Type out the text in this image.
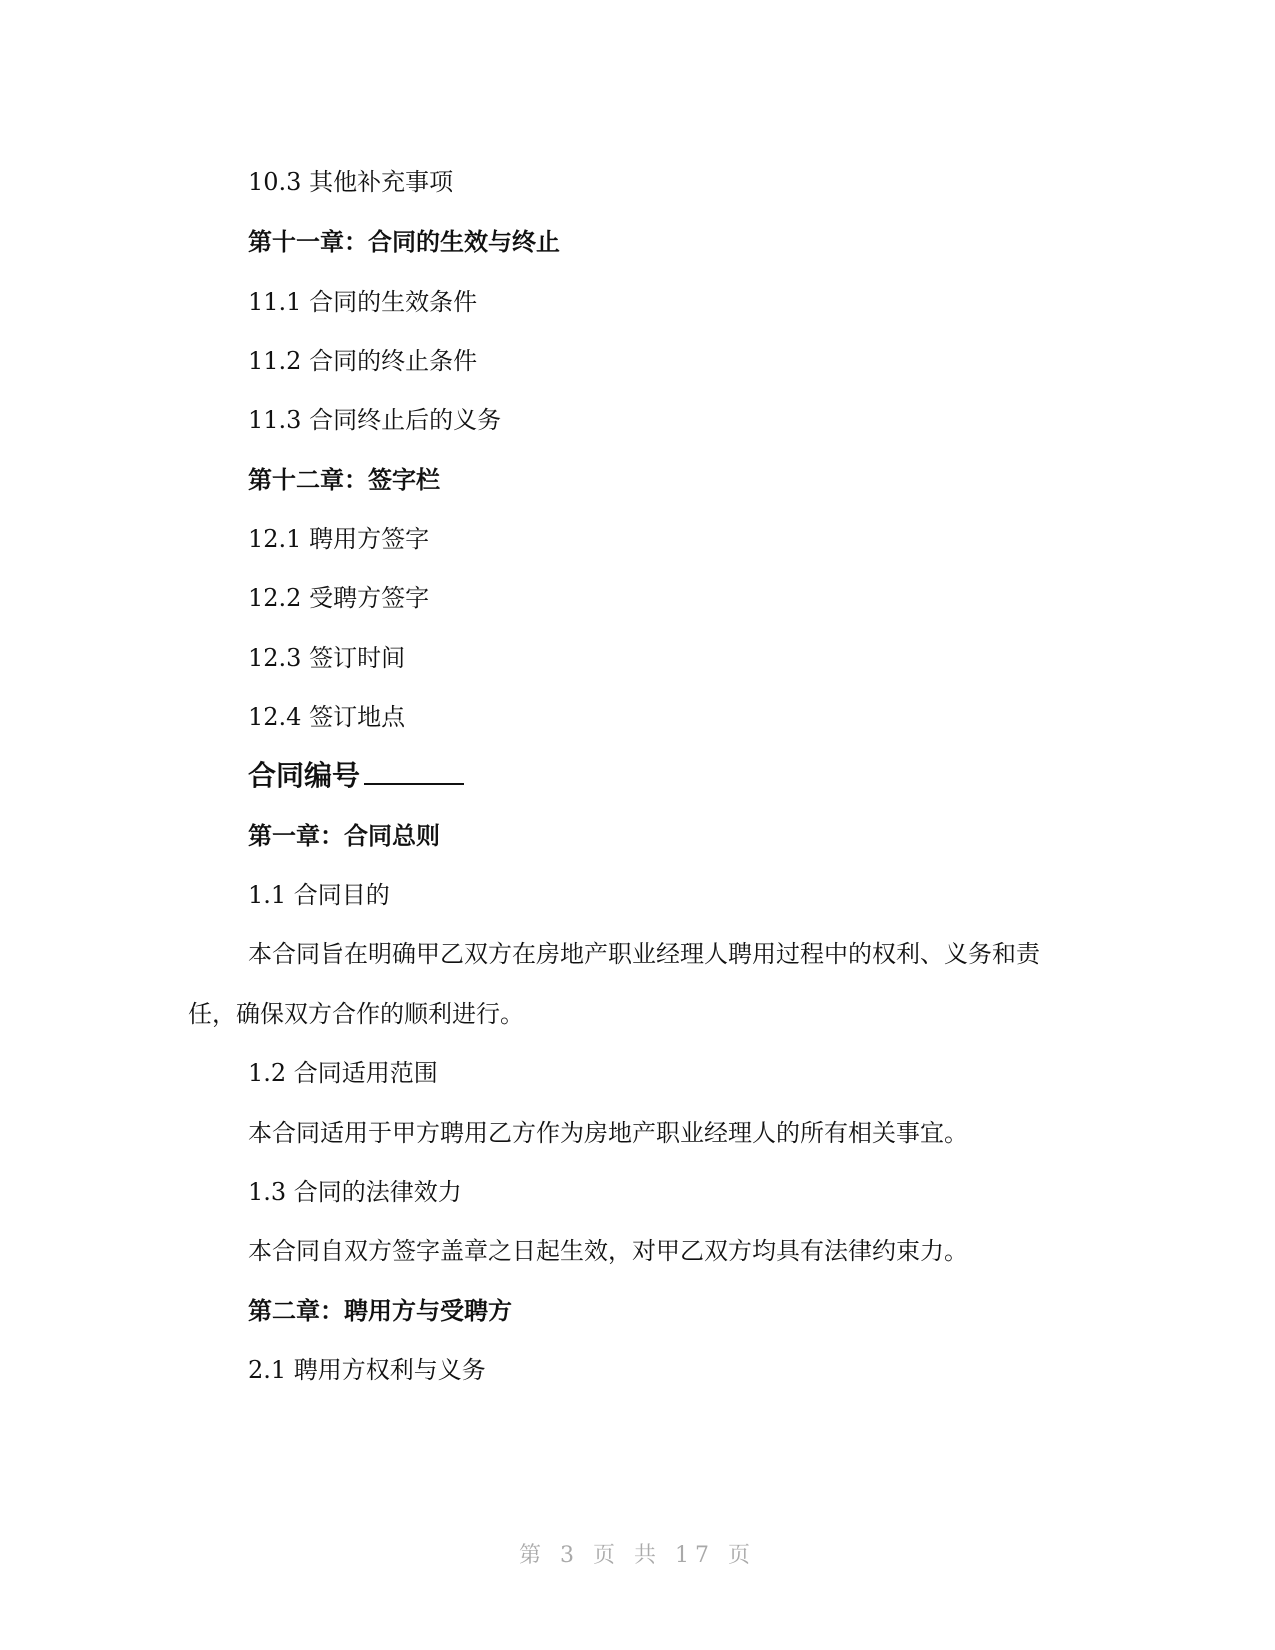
10.3 其他补充事项
第十一章：合同的生效与终止
11.1 合同的生效条件
11.2 合同的终止条件
11.3 合同终止后的义务
第十二章：签字栏
12.1 聘用方签字
12.2 受聘方签字
12.3 签订时间
12.4 签订地点
合同编号
第一章：合同总则
1.1 合同目的
本合同旨在明确甲乙双方在房地产职业经理人聘用过程中的权利、义务和责
任，确保双方合作的顺利进行。
1.2 合同适用范围
本合同适用于甲方聘用乙方作为房地产职业经理人的所有相关事宜。
1.3 合同的法律效力
本合同自双方签字盖章之日起生效，对甲乙双方均具有法律约束力。
第二章：聘用方与受聘方
2.1 聘用方权利与义务
第 3 页 共 17 页
